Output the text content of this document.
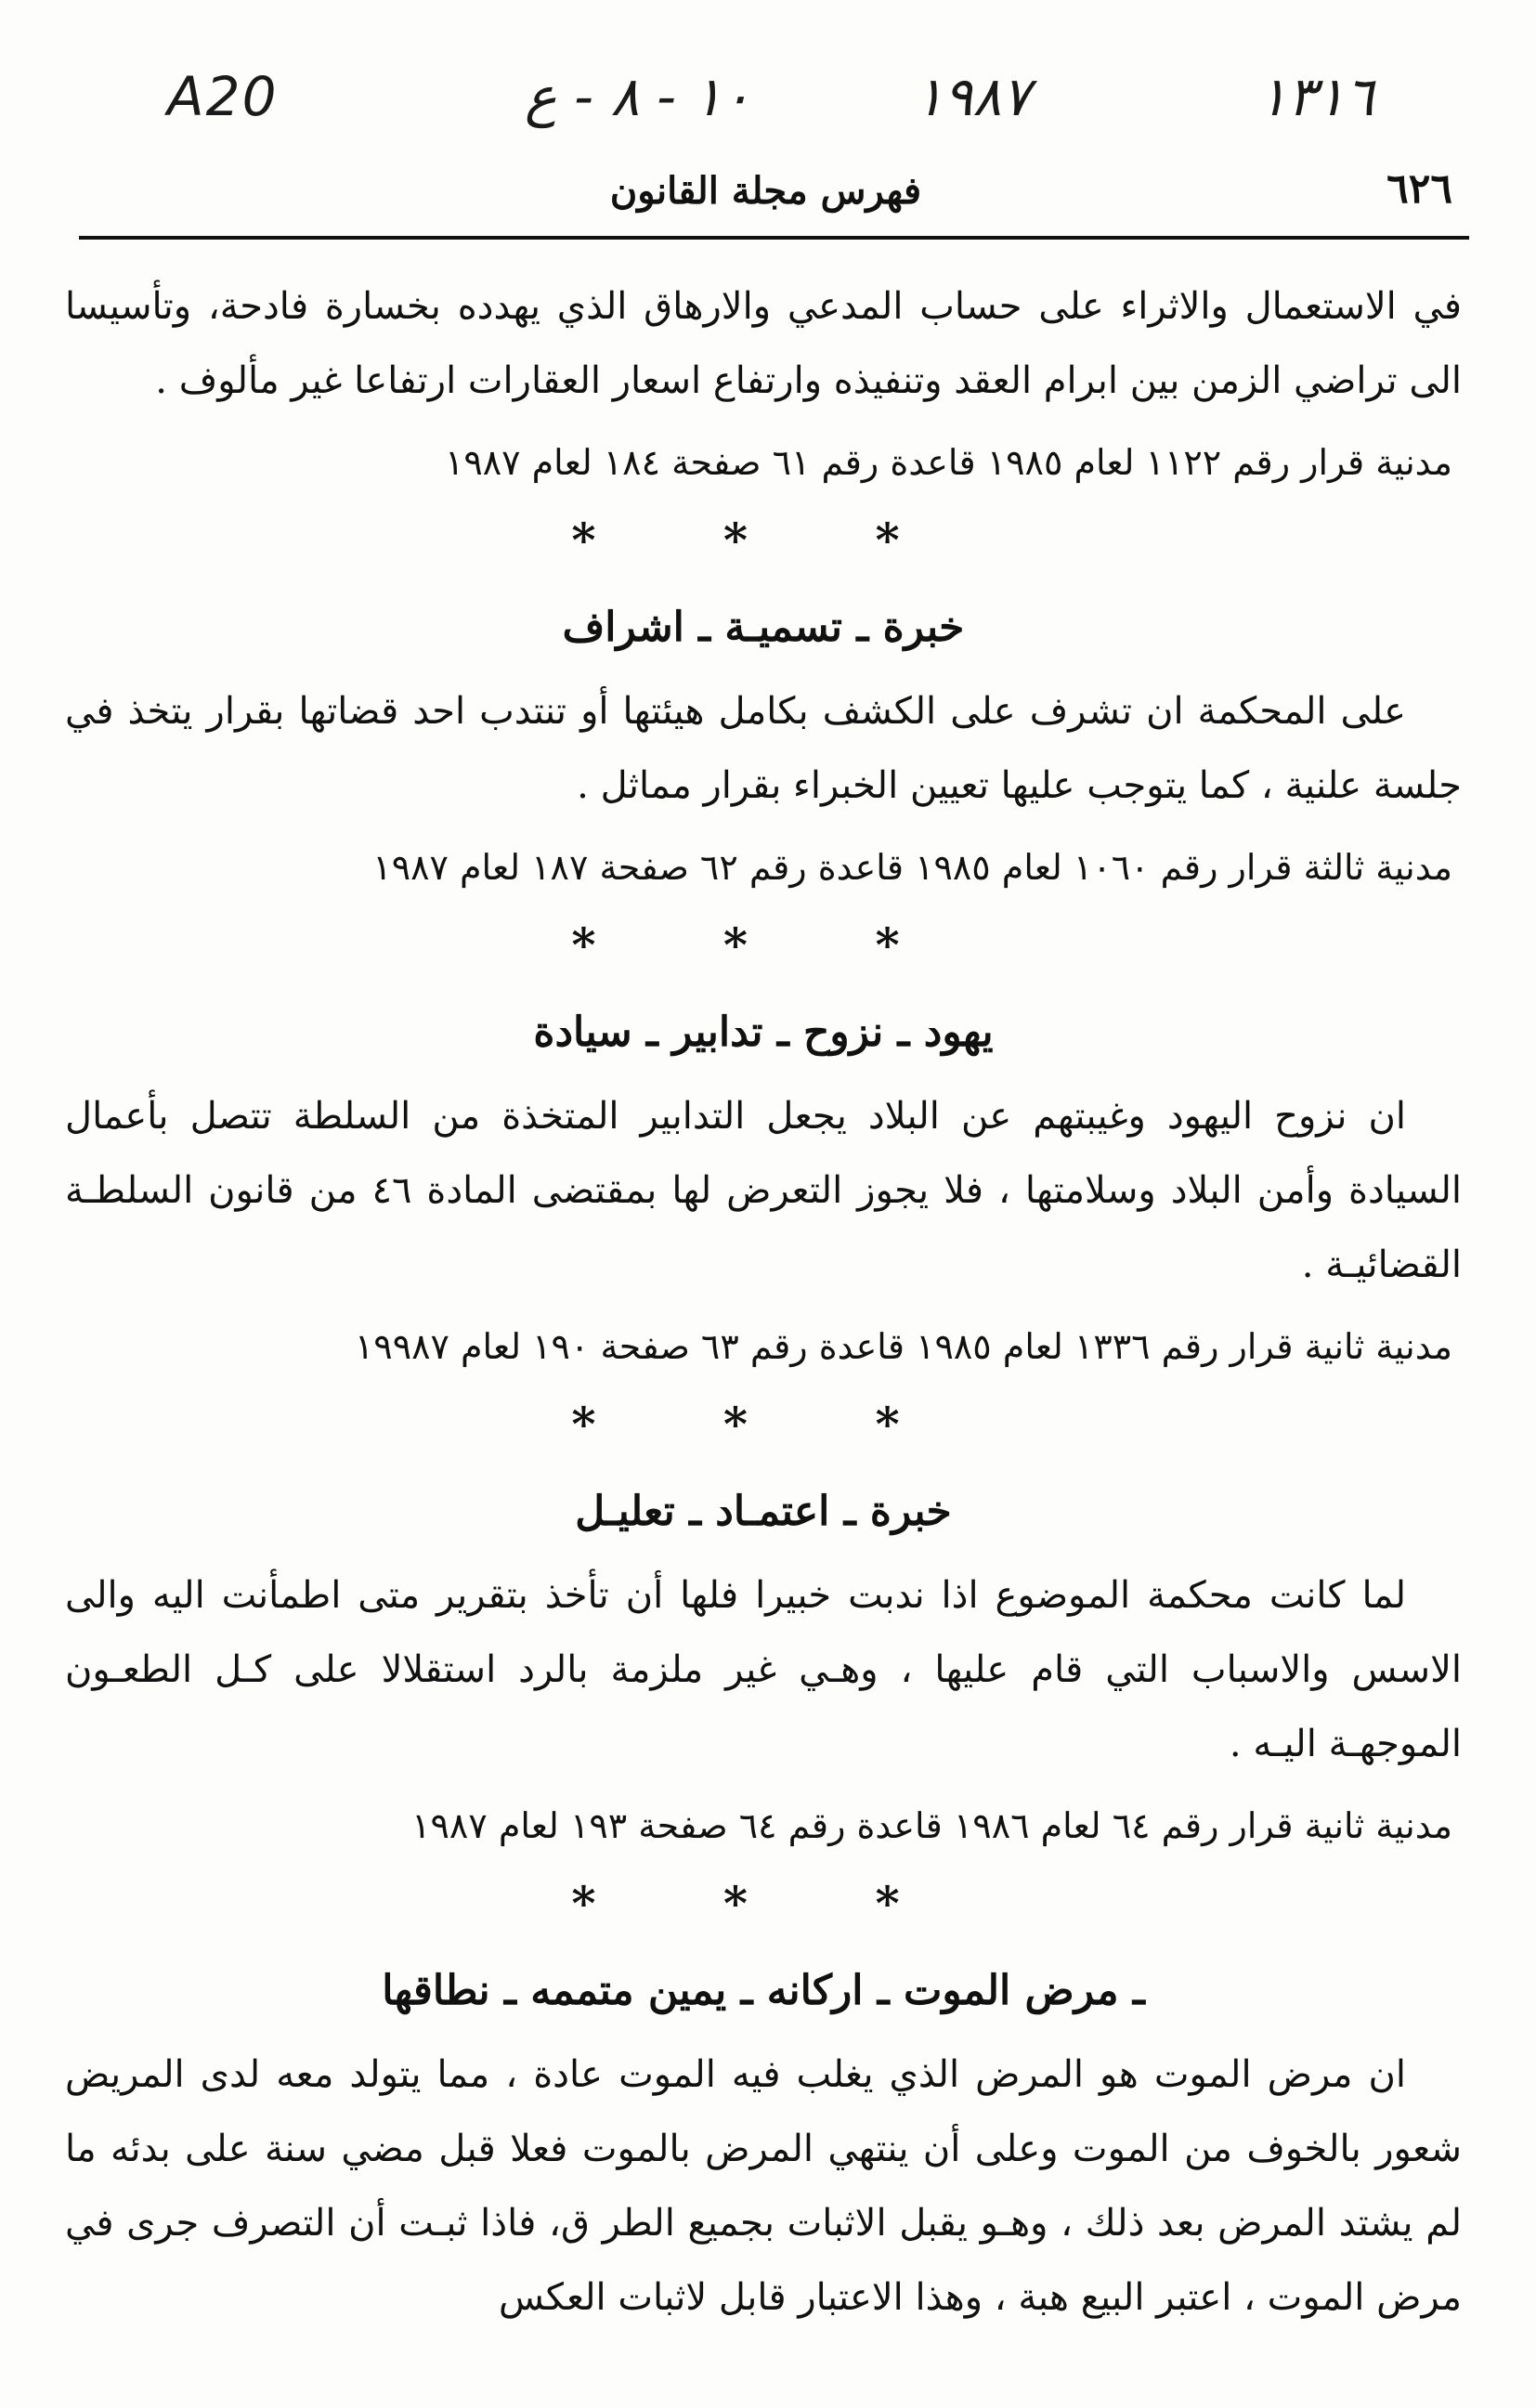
A20	١٠ - ٨ - ع	١٩٨٧	١٣١٦
٦٢٦
فهرس مجلة القانون

في الاستعمال والاثراء على حساب المدعي والارهاق الذي يهدده بخسارة فادحة، وتأسيسا الى تراضي الزمن بين ابرام العقد وتنفيذه وارتفاع اسعار العقارات ارتفاعا غير مألوف .

مدنية قرار رقم ١١٢٢ لعام ١٩٨٥ قاعدة رقم ٦١ صفحة ١٨٤ لعام ١٩٨٧

* * *
خبرة ـ تسميـة ـ اشراف

على المحكمة ان تشرف على الكشف بكامل هيئتها أو تنتدب احد قضاتها بقرار يتخذ في جلسة علنية ، كما يتوجب عليها تعيين الخبراء بقرار مماثل .

مدنية ثالثة قرار رقم ١٠٦٠ لعام ١٩٨٥ قاعدة رقم ٦٢ صفحة ١٨٧ لعام ١٩٨٧

* * *
يهود ـ نزوح ـ تدابير ـ سيادة

ان نزوح اليهود وغيبتهم عن البلاد يجعل التدابير المتخذة من السلطة تتصل بأعمال السيادة وأمن البلاد وسلامتها ، فلا يجوز التعرض لها بمقتضى المادة ٤٦ من قانون السلطـة القضائيـة .

مدنية ثانية قرار رقم ١٣٣٦ لعام ١٩٨٥ قاعدة رقم ٦٣ صفحة ١٩٠ لعام ١٩٩٨٧

* * *
خبرة ـ اعتمـاد ـ تعليـل

لما كانت محكمة الموضوع اذا ندبت خبيرا فلها أن تأخذ بتقرير متى اطمأنت اليه والى الاسس والاسباب التي قام عليها ، وهـي غير ملزمة بالرد استقلالا على كـل الطعـون الموجهـة اليـه .

مدنية ثانية قرار رقم ٦٤ لعام ١٩٨٦ قاعدة رقم ٦٤ صفحة ١٩٣ لعام ١٩٨٧

* * *
ـ مرض الموت ـ اركانه ـ يمين متممه ـ نطاقها

ان مرض الموت هو المرض الذي يغلب فيه الموت عادة ، مما يتولد معه لدى المريض شعور بالخوف من الموت وعلى أن ينتهي المرض بالموت فعلا قبل مضي سنة على بدئه ما لم يشتد المرض بعد ذلك ، وهـو يقبل الاثبات بجميع الطر ق، فاذا ثبـت أن التصرف جرى في مرض الموت ، اعتبر البيع هبة ، وهذا الاعتبار قابل لاثبات العكس
